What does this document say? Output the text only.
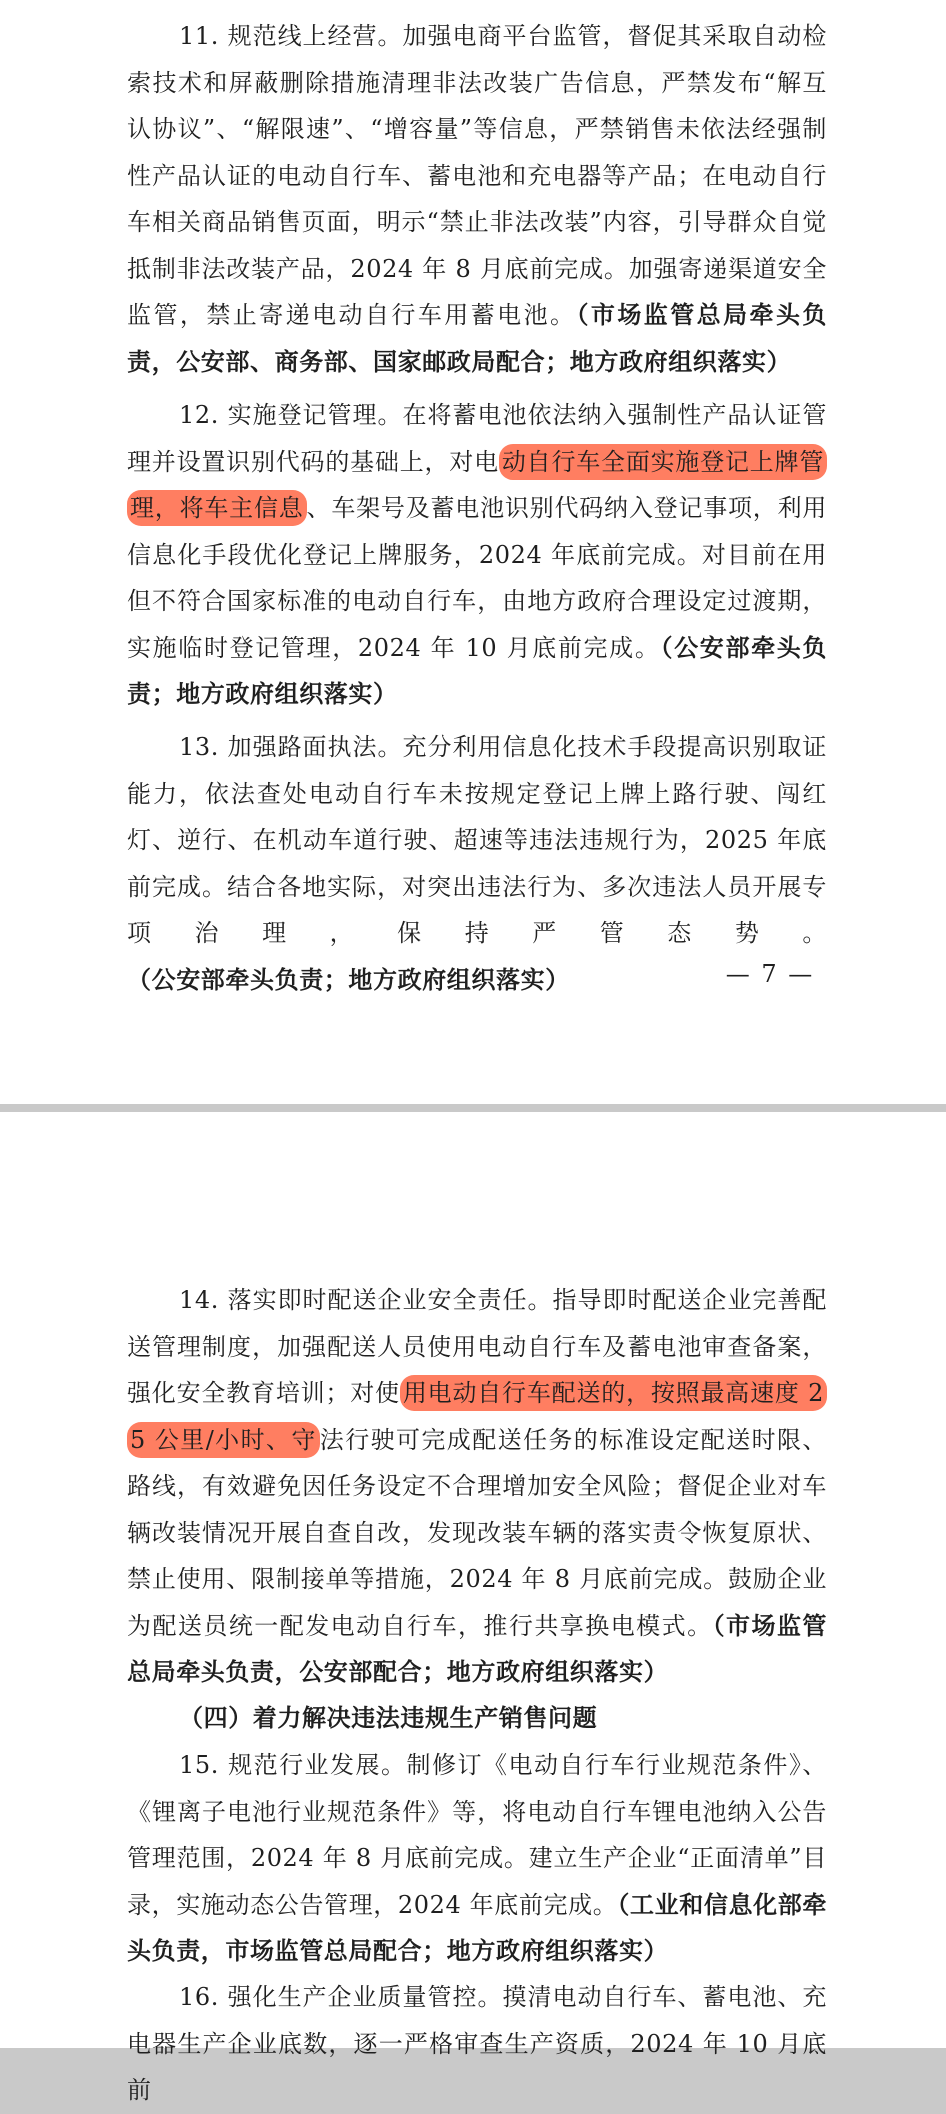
11. 规范线上经营。加强电商平台监管，督促其采取自动检索技术和屏蔽删除措施清理非法改装广告信息，严禁发布“解互认协议”、“解限速”、“增容量”等信息，严禁销售未依法经强制性产品认证的电动自行车、蓄电池和充电器等产品；在电动自行车相关商品销售页面，明示“禁止非法改装”内容，引导群众自觉抵制非法改装产品，2024 年 8 月底前完成。加强寄递渠道安全监管，禁止寄递电动自行车用蓄电池。（市场监管总局牵头负责，公安部、商务部、国家邮政局配合；地方政府组织落实）

12. 实施登记管理。在将蓄电池依法纳入强制性产品认证管理并设置识别代码的基础上，对电 动自行车全面实施登记上牌管理，将车主信息 、车架号及蓄电池识别代码纳入登记事项，利用信息化手段优化登记上牌服务，2024 年底前完成。对目前在用但不符合国家标准的电动自行车，由地方政府合理设定过渡期，实施临时登记管理，2024 年 10 月底前完成。（公安部牵头负责；地方政府组织落实）

13. 加强路面执法。充分利用信息化技术手段提高识别取证能力，依法查处电动自行车未按规定登记上牌上路行驶、闯红灯、逆行、在机动车道行驶、超速等违法违规行为，2025 年底前完成。结合各地实际，对突出违法行为、多次违法人员开展专项治理，保持严管态势。（公安部牵头负责；地方政府组织落实）	— 7 —

14. 落实即时配送企业安全责任。指导即时配送企业完善配送管理制度，加强配送人员使用电动自行车及蓄电池审查备案，强化安全教育培训；对使 用电动自行车配送的，按照最高速度 25 公里/小时、守 法行驶可完成配送任务的标准设定配送时限、路线，有效避免因任务设定不合理增加安全风险；督促企业对车辆改装情况开展自查自改，发现改装车辆的落实责令恢复原状、禁止使用、限制接单等措施，2024 年 8 月底前完成。鼓励企业为配送员统一配发电动自行车，推行共享换电模式。（市场监管总局牵头负责，公安部配合；地方政府组织落实）

（四）着力解决违法违规生产销售问题

15. 规范行业发展。制修订《电动自行车行业规范条件》、《锂离子电池行业规范条件》等，将电动自行车锂电池纳入公告管理范围，2024 年 8 月底前完成。建立生产企业“正面清单”目录，实施动态公告管理，2024 年底前完成。（工业和信息化部牵头负责，市场监管总局配合；地方政府组织落实）

16. 强化生产企业质量管控。摸清电动自行车、蓄电池、充电器生产企业底数，逐一严格审查生产资质，2024 年 10 月底前
